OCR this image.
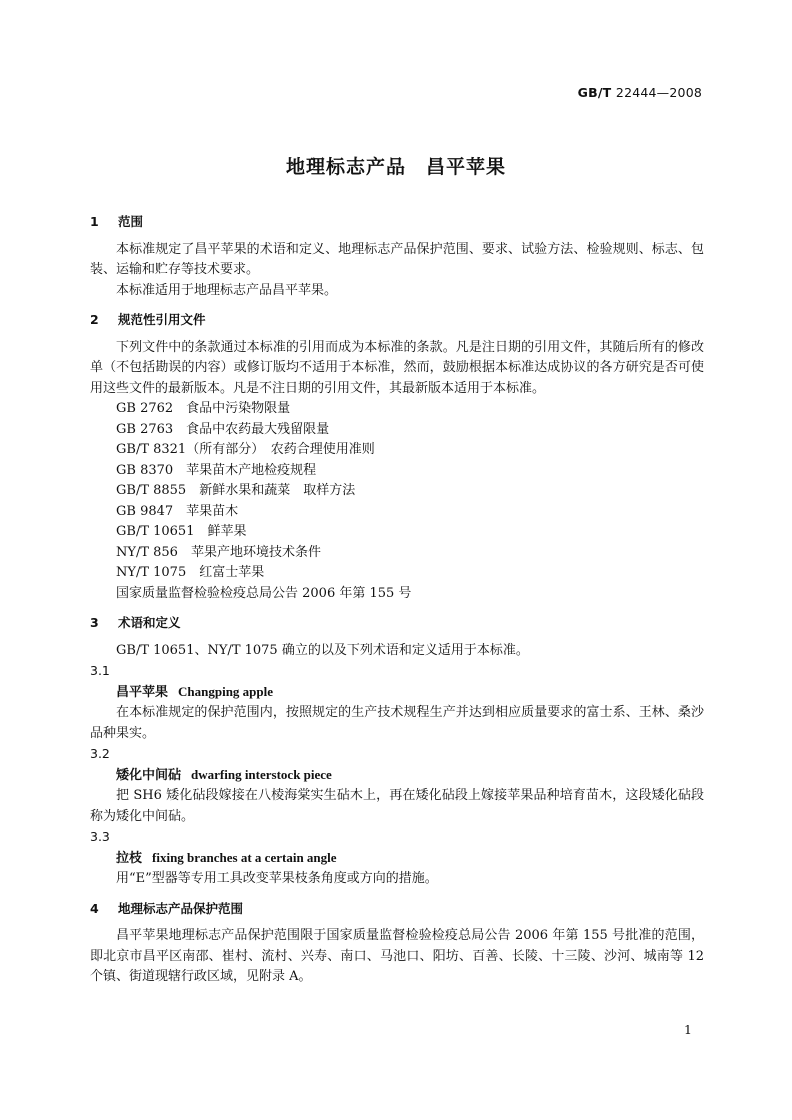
GB/T 22444—2008
地理标志产品　昌平苹果

1 范围

本标准规定了昌平苹果的术语和定义、地理标志产品保护范围、要求、试验方法、检验规则、标志、包装、运输和贮存等技术要求。

本标准适用于地理标志产品昌平苹果。

2 规范性引用文件

下列文件中的条款通过本标准的引用而成为本标准的条款。凡是注日期的引用文件，其随后所有的修改单（不包括勘误的内容）或修订版均不适用于本标准，然而，鼓励根据本标准达成协议的各方研究是否可使用这些文件的最新版本。凡是不注日期的引用文件，其最新版本适用于本标准。

GB 2762　食品中污染物限量

GB 2763　食品中农药最大残留限量

GB/T 8321（所有部分）　农药合理使用准则

GB 8370　苹果苗木产地检疫规程

GB/T 8855　新鲜水果和蔬菜　取样方法

GB 9847　苹果苗木

GB/T 10651　鲜苹果

NY/T 856　苹果产地环境技术条件

NY/T 1075　红富士苹果

国家质量监督检验检疫总局公告 2006 年第 155 号

3 术语和定义

GB/T 10651、NY/T 1075 确立的以及下列术语和定义适用于本标准。

3.1

昌平苹果 Changping apple

在本标准规定的保护范围内，按照规定的生产技术规程生产并达到相应质量要求的富士系、王林、桑沙品种果实。

3.2

矮化中间砧 dwarfing interstock piece

把 SH6 矮化砧段嫁接在八棱海棠实生砧木上，再在矮化砧段上嫁接苹果品种培育苗木，这段矮化砧段称为矮化中间砧。

3.3

拉枝 fixing branches at a certain angle

用“E”型器等专用工具改变苹果枝条角度或方向的措施。

4 地理标志产品保护范围

昌平苹果地理标志产品保护范围限于国家质量监督检验检疫总局公告 2006 年第 155 号批准的范围，即北京市昌平区南邵、崔村、流村、兴寿、南口、马池口、阳坊、百善、长陵、十三陵、沙河、城南等 12 个镇、街道现辖行政区域，见附录 A。

1
